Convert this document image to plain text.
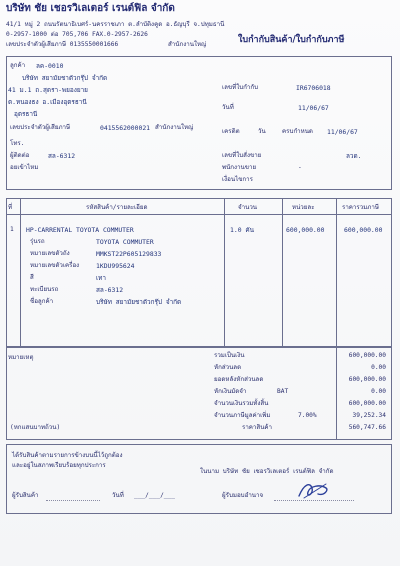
บริษัท ชัย เชอรวิเลเตอร์ เรนต์ฟิล จำกัด
41/1 หมู่ 2 ถนนรัตนาธิเบศร์-นครราชเภา ต.ลำบัติงคูด อ.ธัญบุรี จ.ปทุมธานี
0-2957-1000 ต่อ 705,706 FAX.0-2957-2626
เลขประจำตัวผู้เสียภาษี 0135550001666	สำนักงานใหญ่	ใบกำกับสินค้า/ใบกำกับภาษี
ลูกค้า ลค-0010
บริษัท สยามัยชาตัวกรุ๊ป จำกัด
41 ม.1 ถ.สุดรา-พยองยาย
ต.หนองธง อ.เมืองอุตรธานี
อุตรธานี
เลขประจำตัวผู้เสียภาษี	0415562000021 สำนักงานใหญ่
โทร.
ผู้ติดต่อ	สล-6312
อยเข้าไหม
เลขที่ใบกำกับ	IR6706018
วันที่	11/06/67
เครดิต	วัน	ครบกำหนด 11/06/67
เลขที่ใบสั่งขาย	ลวด.
พนักงานขาย	-
เงื่อนไขการ
ที่	รหัสสินค้า/รายละเอียด	จำนวน	หน่วยละ	ราคารวมภาษี
1 HP-CARRENTAL TOYOTA COMMUTER	1.0 คัน	600,000.00	600,000.00
รุ่นรถ	TOYOTA COMMUTER
หมายเลขตัวถัง	MMKST22P605129833
หมายเลขตัวเครื่อง	1KDU995624
สี	เทา
ทะเบียนรถ	สล-6312
ชื่อลูกค้า	บริษัท สยามัยชาตัวกรุ๊ป จำกัด
หมายเหตุ	รวมเป็นเงิน	600,000.00
หักส่วนลด	0.00
ยอดหลังหักส่วนลด	600,000.00
หักเงินมัดจำ	BAT	0.00
จำนวนเงินรวมทั้งสิ้น	600,000.00
จำนวนภาษีมูลค่าเพิ่ม	7.00%	39,252.34
ราคาสินค้า	560,747.66
(หกแสนบาทถ้วน)
ได้รับสินค้าตามรายการข้างบนนี้ไว้ถูกต้อง
และอยู่ในสภาพเรียบร้อยทุกประการ
ในนาม บริษัท ชัย เชอรวิเลเตอร์ เรนต์ฟิล จำกัด
ผู้รับสินค้า	วันที่ ___/___/___	ผู้รับมอบอำนาจ
